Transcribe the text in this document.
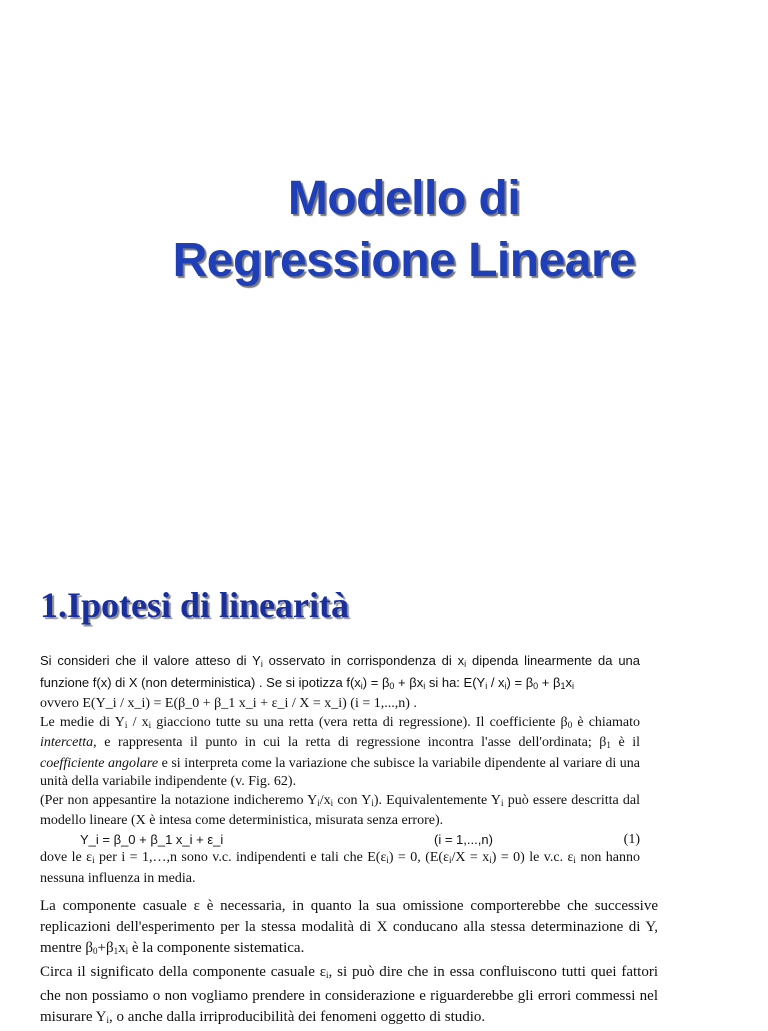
Modello di
Regressione Lineare
1.Ipotesi di linearità

Si consideri che il valore atteso di $Y_i$ osservato in corrispondenza di $x_i$ dipenda linearmente da una funzione f(x) di X (non deterministica) . Se si ipotizza $f(x_i) = \beta_0 + \beta x_i$ si ha: $E(Y_i / x_i) = \beta_0 + \beta_1x_i$

ovvero E(Y_i / x_i) = E(β_0 + β_1 x_i + ε_i / X = x_i) (i = 1,...,n) .

Le medie di $Y_i / x_i$ giacciono tutte su una retta (vera retta di regressione). Il coefficiente $\beta_0$ è chiamato intercetta, e rappresenta il punto in cui la retta di regressione incontra l'asse dell'ordinata; $\beta_1$ è il coefficiente angolare e si interpreta come la variazione che subisce la variabile dipendente al variare di una unità della variabile indipendente (v. Fig. 62).

(Per non appesantire la notazione indicheremo $Y_i/x_i$ con $Y_i$). Equivalentemente $Y_i$ può essere descritta dal modello lineare (X è intesa come deterministica, misurata senza errore).

Y_i = β_0 + β_1 x_i + ε_i	(i = 1,...,n)	(1)

dove le $\varepsilon_i$ per i = 1,…,n sono v.c. indipendenti e tali che $E(\varepsilon_i) = 0$, $(E(\varepsilon_i/X = x_i) = 0)$ le v.c. $\varepsilon_i$ non hanno nessuna influenza in media.

La componente casuale ε è necessaria, in quanto la sua omissione comporterebbe che successive replicazioni dell'esperimento per la stessa modalità di X conducano alla stessa determinazione di Y, mentre $\beta_0+\beta_1x_i$ è la componente sistematica.

Circa il significato della componente casuale $\varepsilon_i$, si può dire che in essa confluiscono tutti quei fattori che non possiamo o non vogliamo prendere in considerazione e riguarderebbe gli errori commessi nel misurare $Y_i$, o anche dalla irriproducibilità dei fenomeni oggetto di studio.
